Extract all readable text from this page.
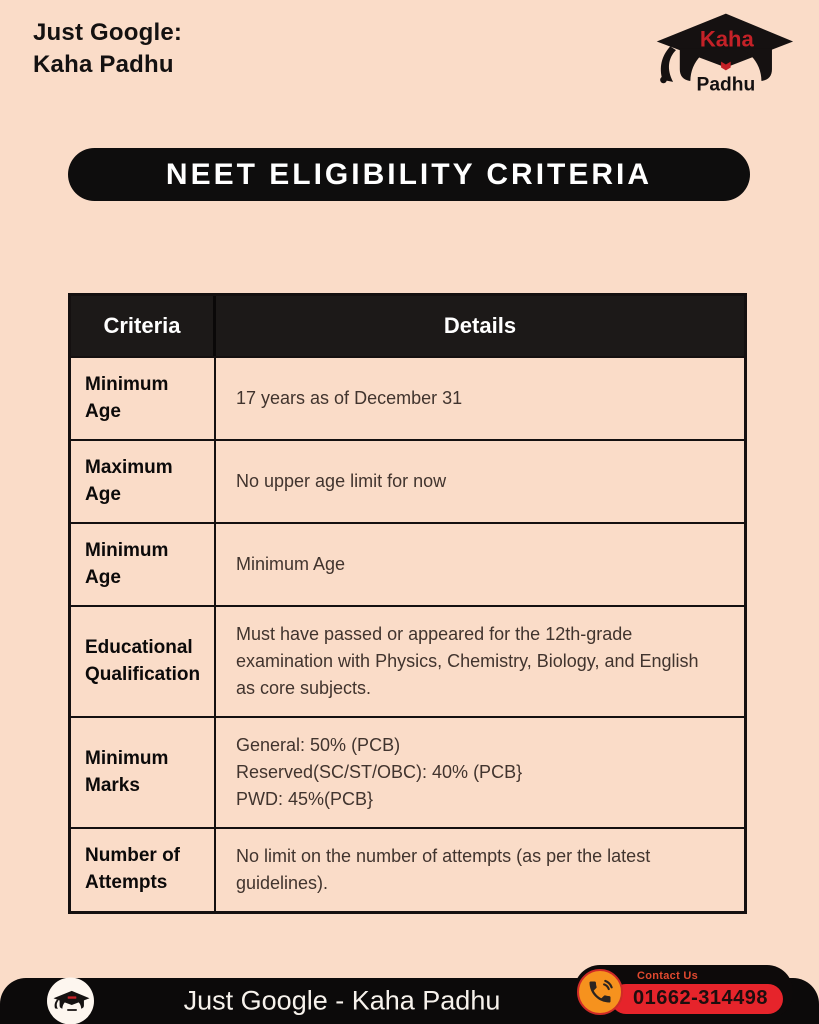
Just Google:
Kaha Padhu
Kaha
Padhu
NEET ELIGIBILITY CRITERIA
Criteria	Details
Minimum Age
17 years as of December 31
Maximum Age
No upper age limit for now
Minimum Age
Minimum Age
Educational Qualification
Must have passed or appeared for the 12th-grade examination with Physics, Chemistry, Biology, and English as core subjects.
Minimum Marks
General: 50% (PCB)
Reserved(SC/ST/OBC): 40% (PCB}
PWD: 45%(PCB}
Number of Attempts
No limit on the number of attempts (as per the latest guidelines).
Just Google - Kaha Padhu
Contact Us
01662-314498
